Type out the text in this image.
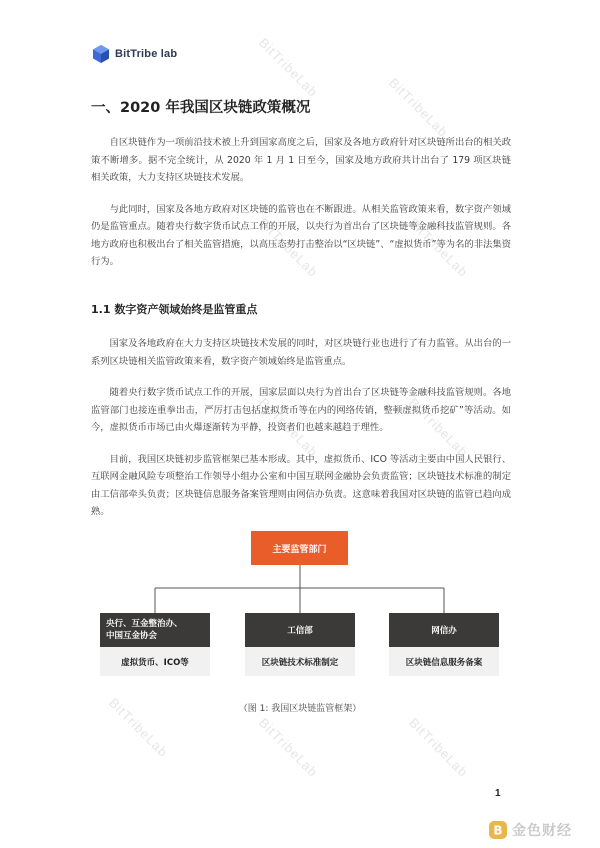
BitTribeLab
BitTribeLab
BitTribeLab	BitTribeLab
BitTribeLab	BitTribeLab
BitTribeLab	BitTribeLab	BitTribeLab
BitTribe lab
一、2020 年我国区块链政策概况

自区块链作为一项前沿技术被上升到国家高度之后，国家及各地方政府针对区块链所出台的相关政策不断增多。据不完全统计，从 2020 年 1 月 1 日至今，国家及地方政府共计出台了 179 项区块链相关政策，大力支持区块链技术发展。

与此同时，国家及各地方政府对区块链的监管也在不断跟进。从相关监管政策来看，数字资产领域仍是监管重点。随着央行数字货币试点工作的开展，以央行为首出台了区块链等金融科技监管规则。各地方政府也积极出台了相关监管措施，以高压态势打击整治以“区块链”、“虚拟货币”等为名的非法集资行为。

1.1 数字资产领域始终是监管重点

国家及各地政府在大力支持区块链技术发展的同时，对区块链行业也进行了有力监管。从出台的一系列区块链相关监管政策来看，数字资产领域始终是监管重点。

随着央行数字货币试点工作的开展，国家层面以央行为首出台了区块链等金融科技监管规则。各地监管部门也接连重拳出击，严厉打击包括虚拟货币等在内的网络传销，整顿虚拟货币挖矿”等活动。如今，虚拟货币市场已由火爆逐渐转为平静，投资者们也越来越趋于理性。

目前，我国区块链初步监管框架已基本形成。其中，虚拟货币、ICO 等活动主要由中国人民银行、互联网金融风险专项整治工作领导小组办公室和中国互联网金融协会负责监管；区块链技术标准的制定由工信部牵头负责；区块链信息服务备案管理则由网信办负责。这意味着我国对区块链的监管已趋向成熟。

主要监管部门
央行、互金整治办、
中国互金协会
虚拟货币、ICO等
工信部
区块链技术标准制定
网信办
区块链信息服务备案
（图 1: 我国区块链监管框架）
1
B 金色财经
